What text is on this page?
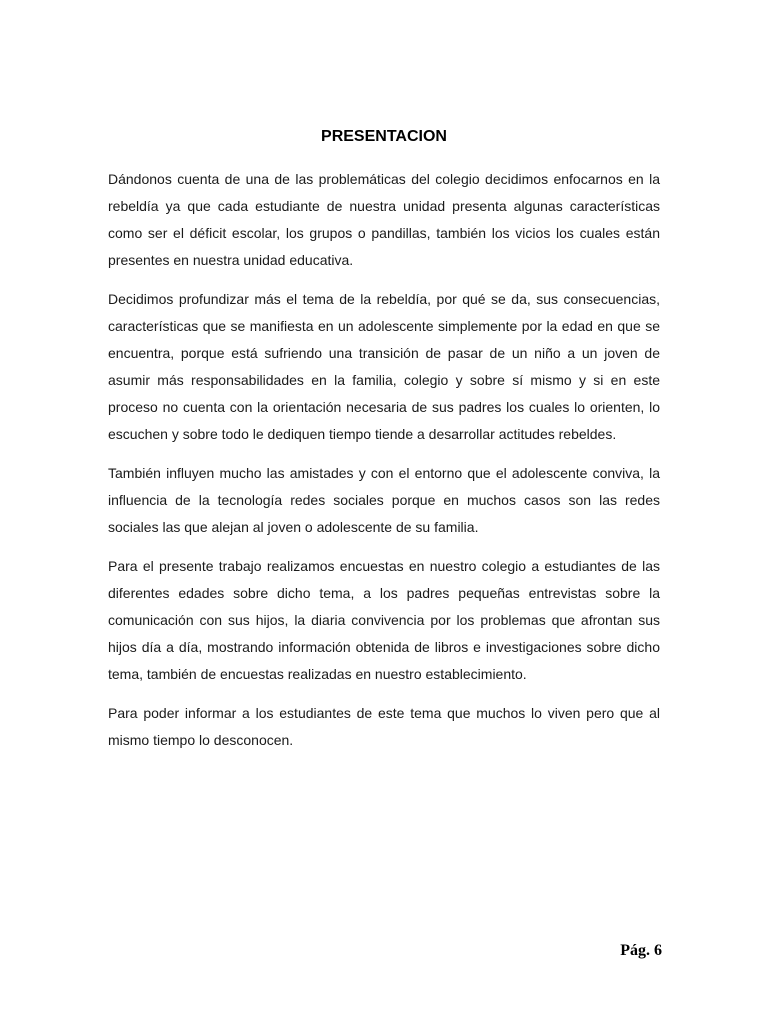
PRESENTACION

Dándonos cuenta de una de las problemáticas del colegio decidimos enfocarnos en la rebeldía ya que cada estudiante de nuestra unidad presenta algunas características como ser el déficit escolar, los grupos o pandillas, también los vicios los cuales están presentes en nuestra unidad educativa.

Decidimos profundizar más el tema de la rebeldía, por qué se da, sus consecuencias, características que se manifiesta en un adolescente simplemente por la edad en que se encuentra, porque está sufriendo una transición de pasar de un niño a un joven de asumir más responsabilidades en la familia, colegio y sobre sí mismo y si en este proceso no cuenta con la orientación necesaria de sus padres los cuales lo orienten, lo escuchen y sobre todo le dediquen tiempo tiende a desarrollar actitudes rebeldes.

También influyen mucho las amistades y con el entorno que el adolescente conviva, la influencia de la tecnología redes sociales porque en muchos casos son las redes sociales las que alejan al joven o adolescente de su familia.

Para el presente trabajo realizamos encuestas en nuestro colegio a estudiantes de las diferentes edades sobre dicho tema, a los padres pequeñas entrevistas sobre la comunicación con sus hijos, la diaria convivencia por los problemas que afrontan sus hijos día a día, mostrando información obtenida de libros e investigaciones sobre dicho tema, también de encuestas realizadas en nuestro establecimiento.

Para poder informar a los estudiantes de este tema que muchos lo viven pero que al mismo tiempo lo desconocen.

Pág. 6
